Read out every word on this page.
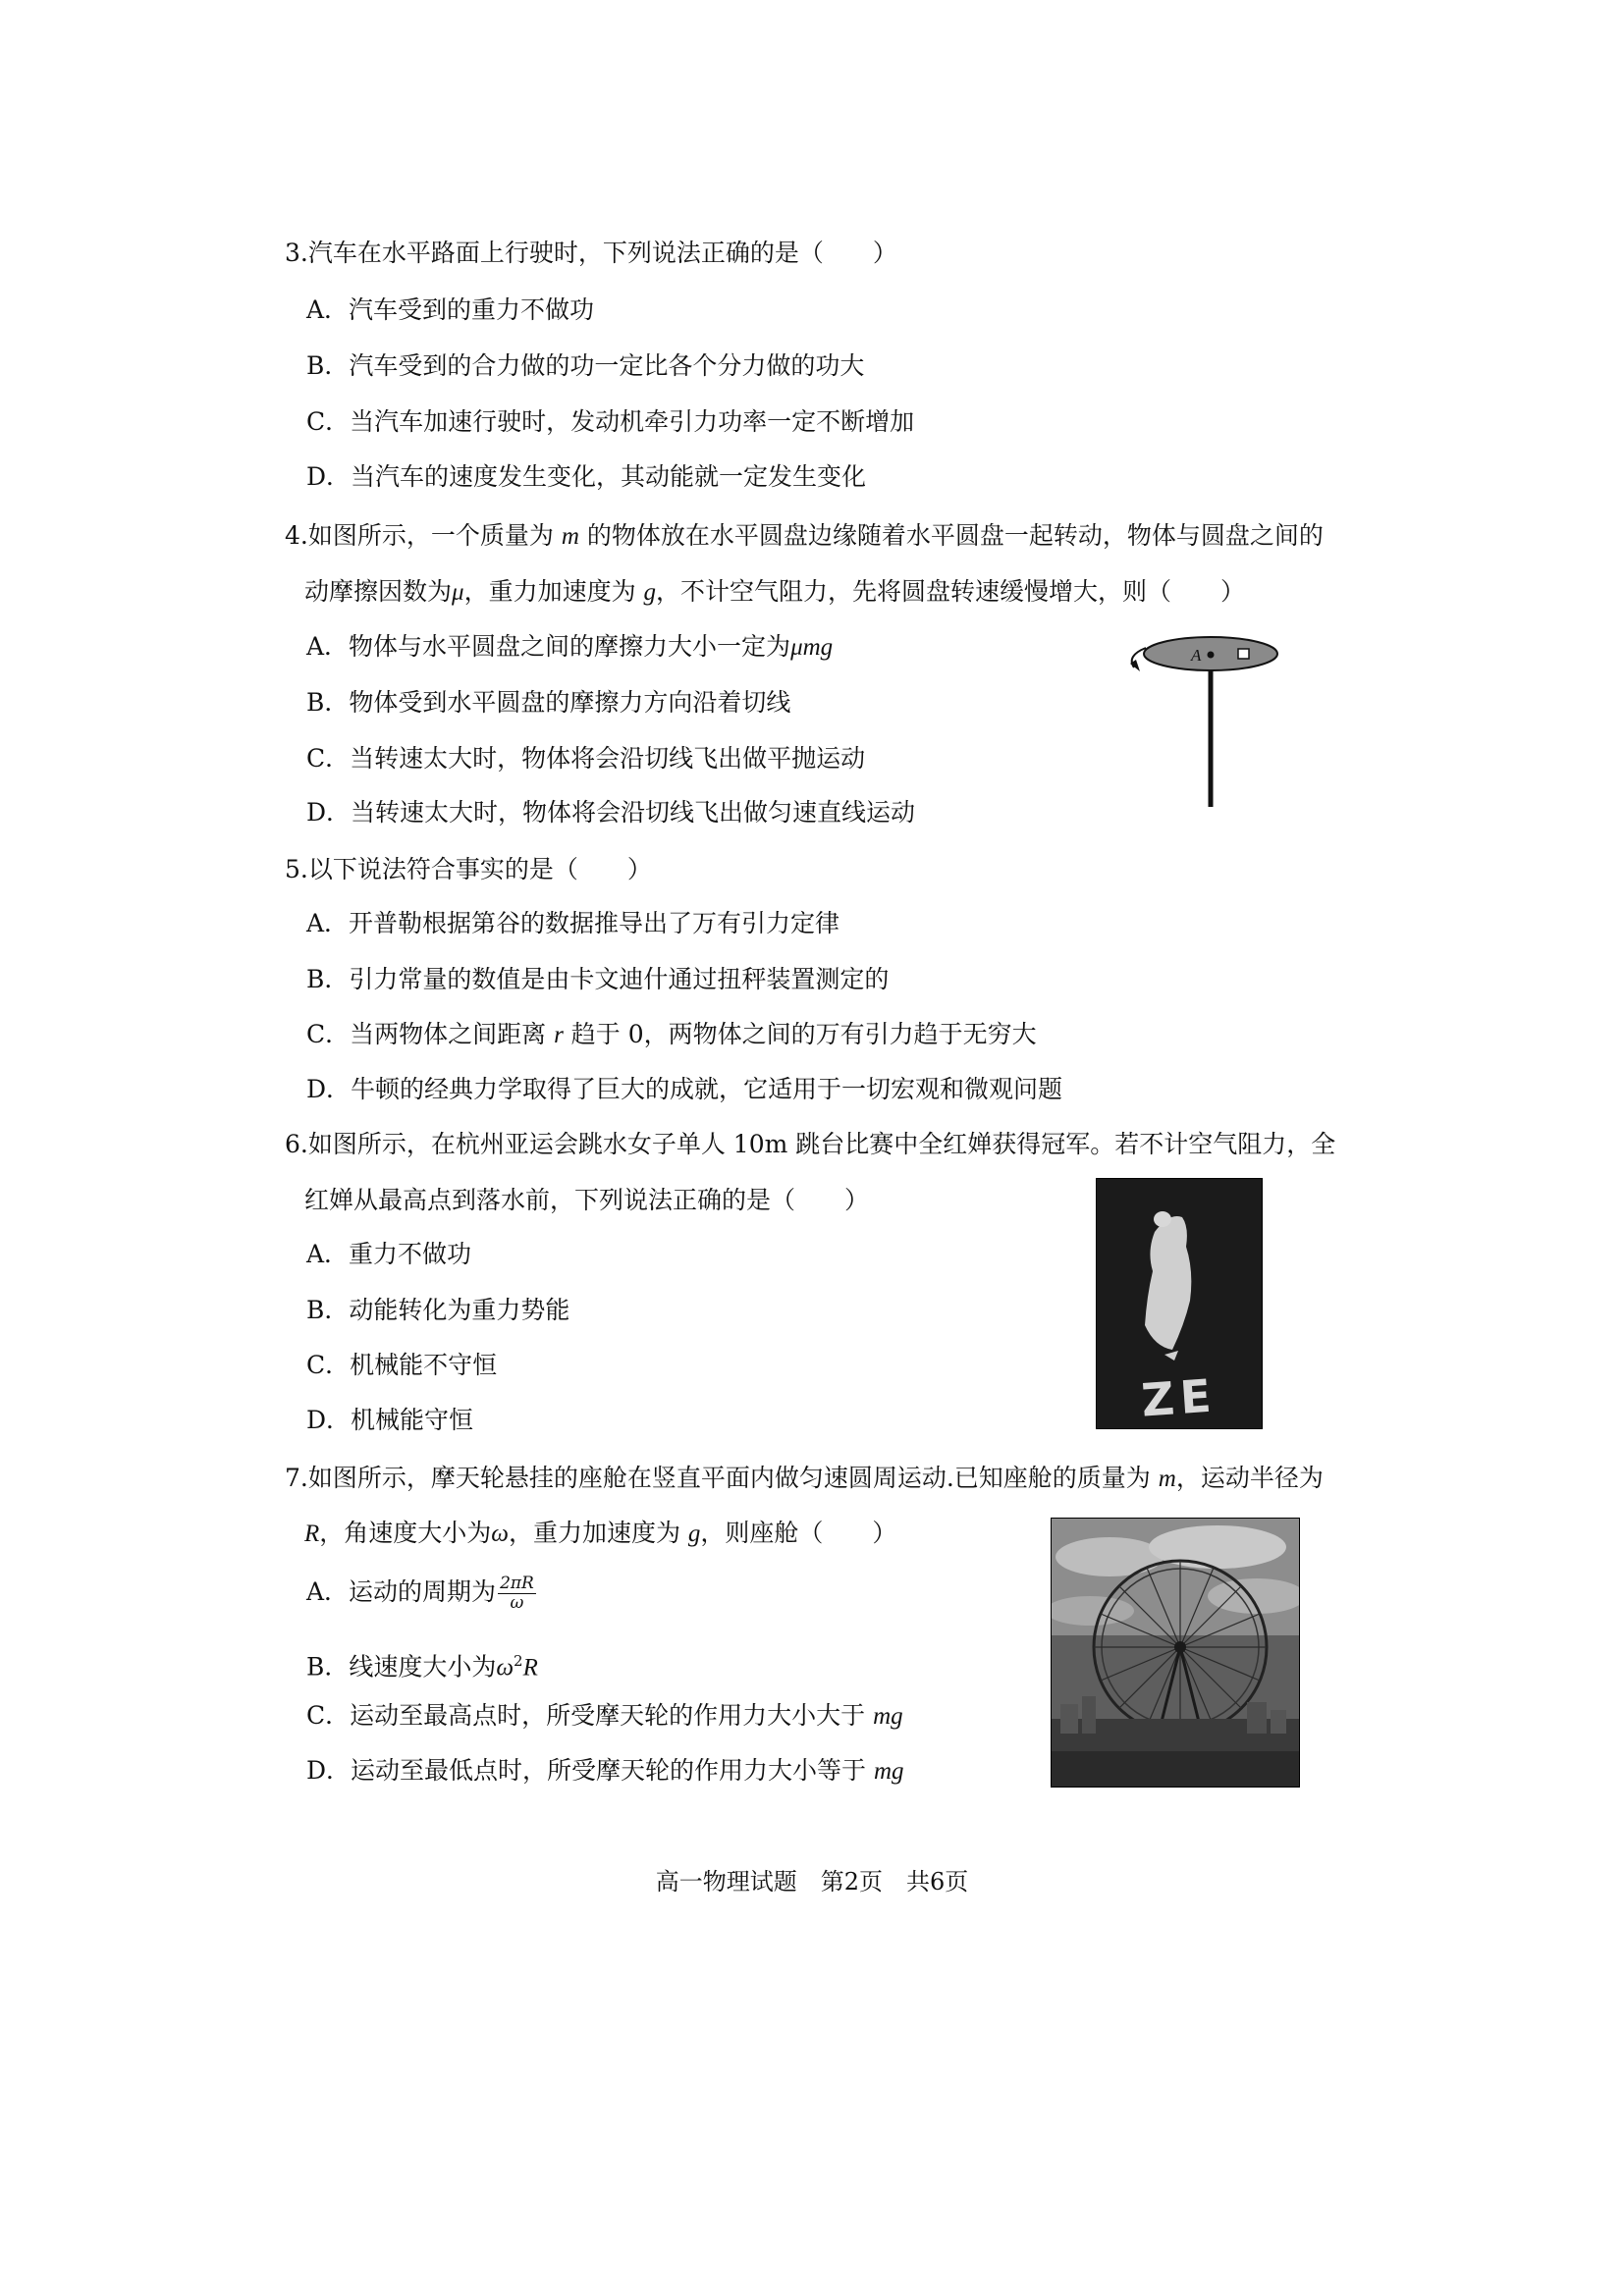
3.汽车在水平路面上行驶时，下列说法正确的是（　　）
A．汽车受到的重力不做功
B．汽车受到的合力做的功一定比各个分力做的功大
C．当汽车加速行驶时，发动机牵引力功率一定不断增加
D．当汽车的速度发生变化，其动能就一定发生变化
4.如图所示，一个质量为 m 的物体放在水平圆盘边缘随着水平圆盘一起转动，物体与圆盘之间的
动摩擦因数为μ，重力加速度为 g，不计空气阻力，先将圆盘转速缓慢增大，则（　　）
A．物体与水平圆盘之间的摩擦力大小一定为μmg
B．物体受到水平圆盘的摩擦力方向沿着切线
C．当转速太大时，物体将会沿切线飞出做平抛运动
D．当转速太大时，物体将会沿切线飞出做匀速直线运动
A
5.以下说法符合事实的是（　　）
A．开普勒根据第谷的数据推导出了万有引力定律
B．引力常量的数值是由卡文迪什通过扭秤装置测定的
C．当两物体之间距离 r 趋于 0，两物体之间的万有引力趋于无穷大
D．牛顿的经典力学取得了巨大的成就，它适用于一切宏观和微观问题
6.如图所示，在杭州亚运会跳水女子单人 10m 跳台比赛中全红婵获得冠军。若不计空气阻力，全
红婵从最高点到落水前，下列说法正确的是（　　）
A．重力不做功
B．动能转化为重力势能
C．机械能不守恒
D．机械能守恒	ZE
7.如图所示，摩天轮悬挂的座舱在竖直平面内做匀速圆周运动.已知座舱的质量为 m，运动半径为
R，角速度大小为ω，重力加速度为 g，则座舱（　　）
A．运动的周期为 $\frac{2\pi R}{\omega}$
B．线速度大小为$\omega^2R$
C．运动至最高点时，所受摩天轮的作用力大小大于 mg
D．运动至最低点时，所受摩天轮的作用力大小等于 mg
高一物理试题　第2页　共6页
